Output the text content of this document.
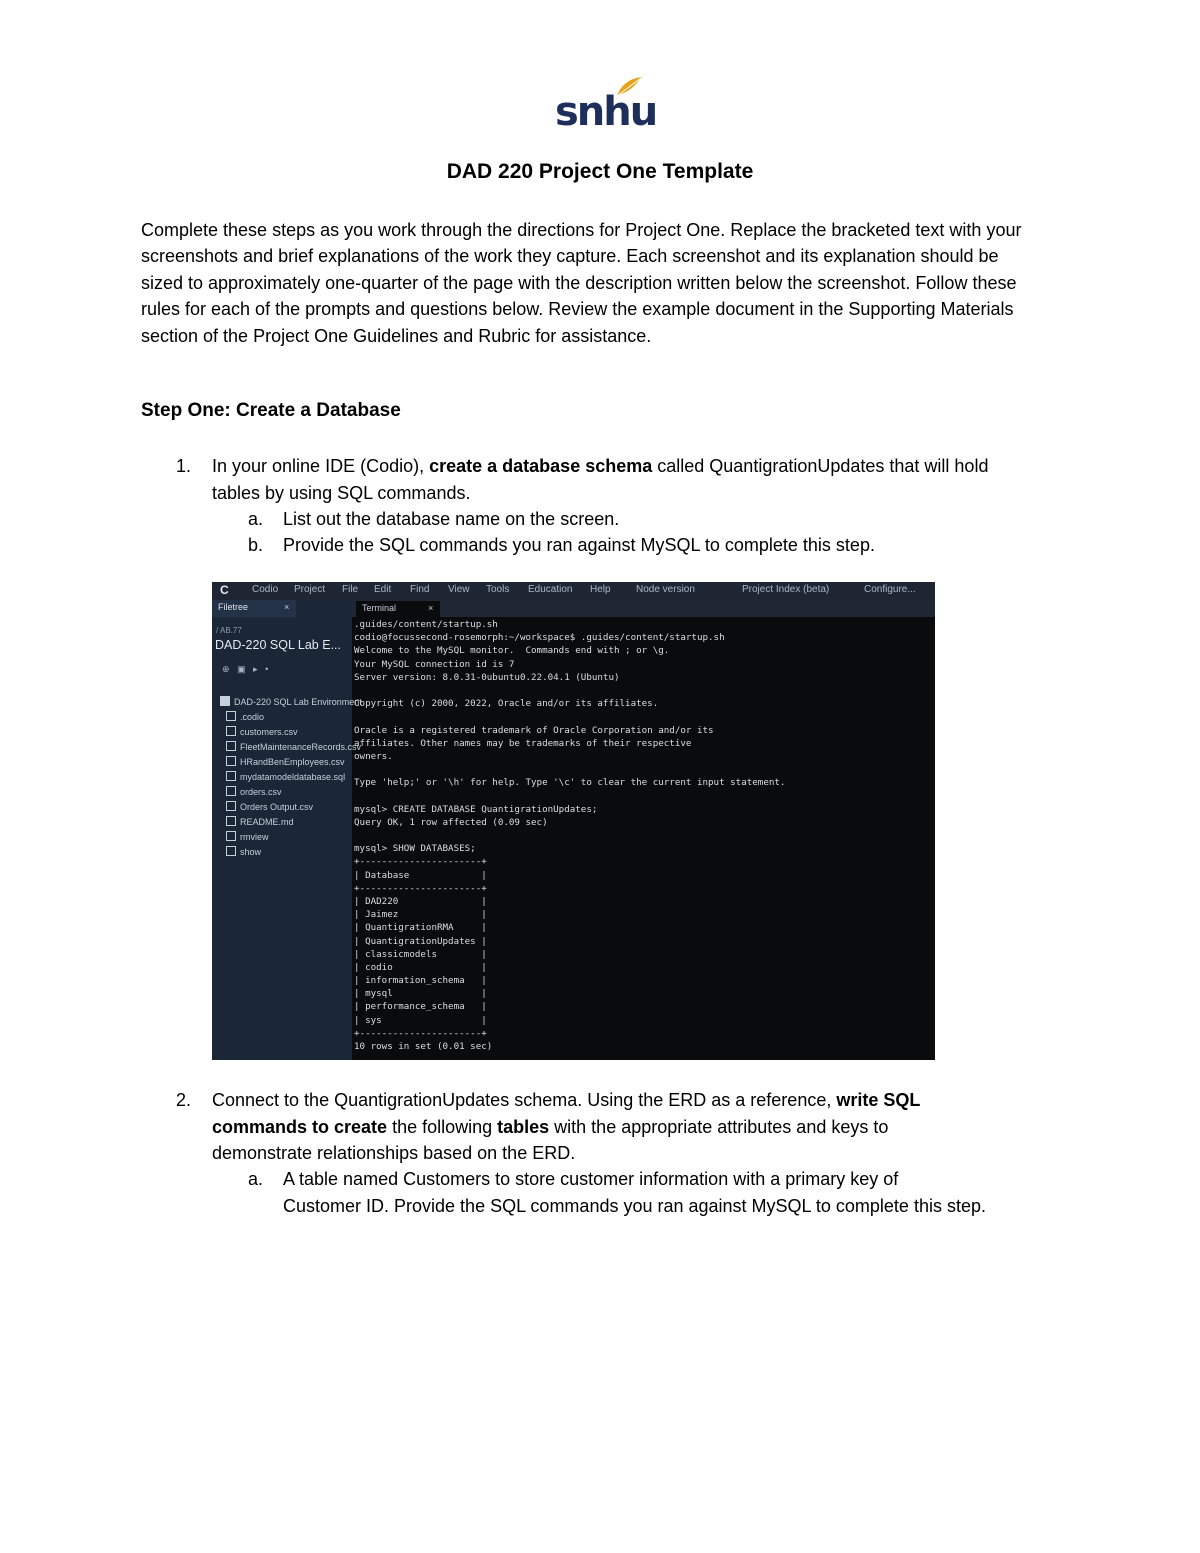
snhu
DAD 220 Project One Template
Complete these steps as you work through the directions for Project One. Replace the bracketed text with your screenshots and brief explanations of the work they capture. Each screenshot and its explanation should be sized to approximately one-quarter of the page with the description written below the screenshot. Follow these rules for each of the prompts and questions below. Review the example document in the Supporting Materials section of the Project One Guidelines and Rubric for assistance.
Step One: Create a Database
1. In your online IDE (Codio), create a database schema called QuantigrationUpdates that will hold
tables by using SQL commands.
a. List out the database name on the screen.
b. Provide the SQL commands you ran against MySQL to complete this step.
C Codio Project File Edit Find View Tools Education Help	Node version	Project Index (beta)	Configure...
Filetree	×
/ AB.77
DAD-220 SQL Lab E...
⊕ ▣ ▸ •
DAD-220 SQL Lab Environment
.codio
customers.csv
FleetMaintenanceRecords.csv
HRandBenEmployees.csv
mydatamodeldatabase.sql
orders.csv
Orders Output.csv
README.md
rmview
show
Terminal	×
.guides/content/startup.sh
codio@focussecond-rosemorph:~/workspace$ .guides/content/startup.sh
Welcome to the MySQL monitor.  Commands end with ; or \g.
Your MySQL connection id is 7
Server version: 8.0.31-0ubuntu0.22.04.1 (Ubuntu)
Copyright (c) 2000, 2022, Oracle and/or its affiliates.
Oracle is a registered trademark of Oracle Corporation and/or its
affiliates. Other names may be trademarks of their respective
owners.
Type 'help;' or '\h' for help. Type '\c' to clear the current input statement.
mysql> CREATE DATABASE QuantigrationUpdates;
Query OK, 1 row affected (0.09 sec)
mysql> SHOW DATABASES;
+----------------------+
| Database             |
+----------------------+
| DAD220               |
| Jaimez               |
| QuantigrationRMA     |
| QuantigrationUpdates |
| classicmodels        |
| codio                |
| information_schema   |
| mysql                |
| performance_schema   |
| sys                  |
+----------------------+
10 rows in set (0.01 sec)
2. Connect to the QuantigrationUpdates schema. Using the ERD as a reference, write SQL
commands to create the following tables with the appropriate attributes and keys to
demonstrate relationships based on the ERD.
a. A table named Customers to store customer information with a primary key of
Customer ID. Provide the SQL commands you ran against MySQL to complete this step.
